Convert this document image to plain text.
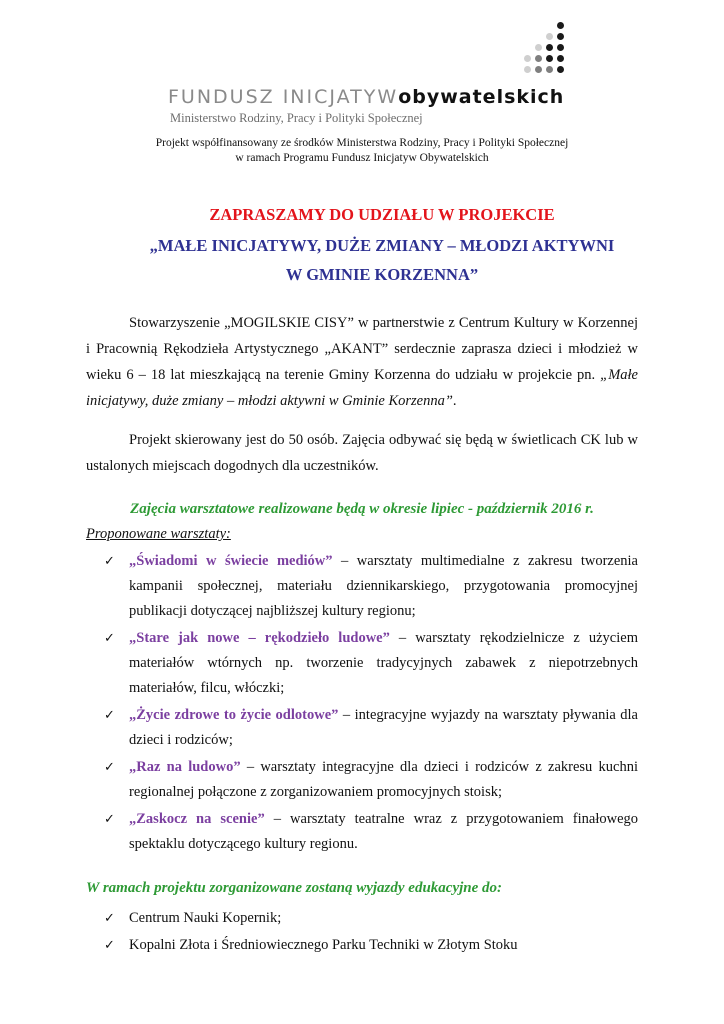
FUNDUSZ INICJATYWobywatelskich
Ministerstwo Rodziny, Pracy i Polityki Społecznej
Projekt współfinansowany ze środków Ministerstwa Rodziny, Pracy i Polityki Społecznej
w ramach Programu Fundusz Inicjatyw Obywatelskich
ZAPRASZAMY DO UDZIAŁU W PROJEKCIE
„MAŁE INICJATYWY, DUŻE ZMIANY – MŁODZI AKTYWNI
W GMINIE KORZENNA”

Stowarzyszenie „MOGILSKIE CISY” w partnerstwie z Centrum Kultury w Korzennej i Pracownią Rękodzieła Artystycznego „AKANT” serdecznie zaprasza dzieci i młodzież w wieku 6 – 18 lat mieszkającą na terenie Gminy Korzenna do udziału w projekcie pn. „Małe inicjatywy, duże zmiany – młodzi aktywni w Gminie Korzenna”.

Projekt skierowany jest do 50 osób. Zajęcia odbywać się będą w świetlicach CK lub w ustalonych miejscach dogodnych dla uczestników.

Zajęcia warsztatowe realizowane będą w okresie lipiec - październik 2016 r.
Proponowane warsztaty:
✓ „Świadomi w świecie mediów” – warsztaty multimedialne z zakresu tworzenia kampanii społecznej, materiału dziennikarskiego, przygotowania promocyjnej publikacji dotyczącej najbliższej kultury regionu;
✓ „Stare jak nowe – rękodzieło ludowe” – warsztaty rękodzielnicze z użyciem materiałów wtórnych np. tworzenie tradycyjnych zabawek z niepotrzebnych materiałów, filcu, włóczki;
✓ „Życie zdrowe to życie odlotowe” – integracyjne wyjazdy na warsztaty pływania dla dzieci i rodziców;
✓ „Raz na ludowo” – warsztaty integracyjne dla dzieci i rodziców z zakresu kuchni regionalnej połączone z zorganizowaniem promocyjnych stoisk;
✓ „Zaskocz na scenie” – warsztaty teatralne wraz z przygotowaniem finałowego spektaklu dotyczącego kultury regionu.
W ramach projektu zorganizowane zostaną wyjazdy edukacyjne do:
✓ Centrum Nauki Kopernik;
✓ Kopalni Złota i Średniowiecznego Parku Techniki w Złotym Stoku
